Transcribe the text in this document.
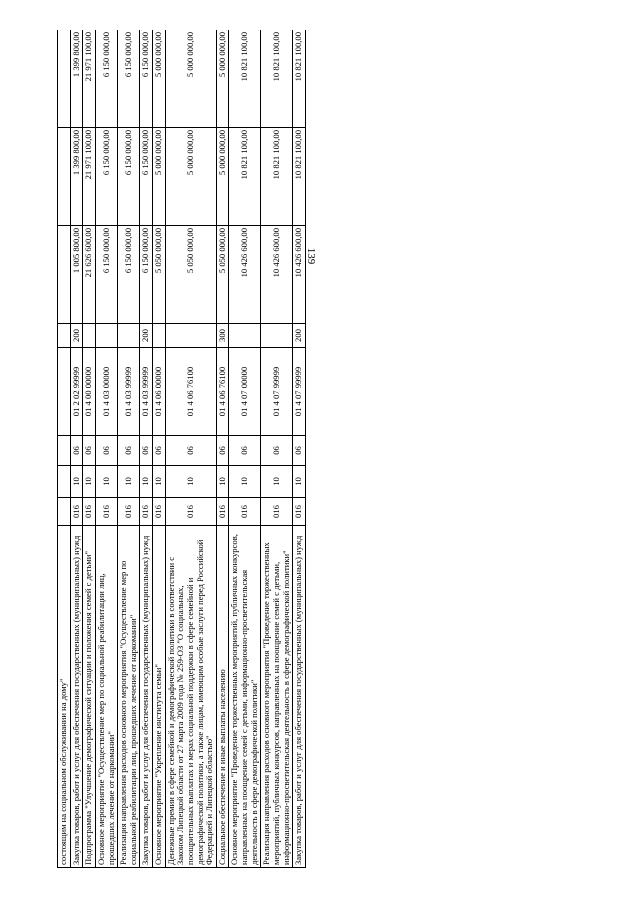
139
состоящим на социальном обслуживании на дому"								
Закупка товаров, работ и услуг для обеспечения государственных (муниципальных) нужд	016	10	06	01 2 02 99999	200	1 005 800,00	1 399 800,00	1 399 800,00
Подпрограмма "Улучшение демографической ситуации и положения семей с детьми"	016	10	06	01 4 00 00000		21 626 600,00	21 971 100,00	21 971 100,00
Основное мероприятие "Осуществление мер по социальной реабилитации лиц, прошедших лечение от наркомании"	016	10	06	01 4 03 00000		6 150 000,00	6 150 000,00	6 150 000,00
Реализация направления расходов основного мероприятия "Осуществление мер по социальной реабилитации лиц, прошедших лечение от наркомании"	016	10	06	01 4 03 99999		6 150 000,00	6 150 000,00	6 150 000,00
Закупка товаров, работ и услуг для обеспечения государственных (муниципальных) нужд	016	10	06	01 4 03 99999	200	6 150 000,00	6 150 000,00	6 150 000,00
Основное мероприятие "Укрепление института семьи"	016	10	06	01 4 06 00000		5 050 000,00	5 000 000,00	5 000 000,00
Денежные премии в сфере семейной и демографической политики в соответствии с Законом Липецкой области от 27 марта 2009 года № 259-ОЗ "О социальных, поощрительных выплатах и мерах социальной поддержки в сфере семейной и демографической политики, а также лицам, имеющим особые заслуги перед Российской Федерацией и Липецкой областью"	016	10	06	01 4 06 76100		5 050 000,00	5 000 000,00	5 000 000,00
Социальное обеспечение и иные выплаты населению	016	10	06	01 4 06 76100	300	5 050 000,00	5 000 000,00	5 000 000,00
Основное мероприятие "Проведение торжественных мероприятий, публичных конкурсов, направленных на поощрение семей с детьми, информационно-просветительская деятельность в сфере демографической политики"	016	10	06	01 4 07 00000		10 426 600,00	10 821 100,00	10 821 100,00
Реализация направления расходов основного мероприятия "Проведение торжественных мероприятий, публичных конкурсов, направленных на поощрение семей с детьми, информационно-просветительская деятельность в сфере демографической политики"	016	10	06	01 4 07 99999		10 426 600,00	10 821 100,00	10 821 100,00
Закупка товаров, работ и услуг для обеспечения государственных (муниципальных) нужд	016	10	06	01 4 07 99999	200	10 426 600,00	10 821 100,00	10 821 100,00
